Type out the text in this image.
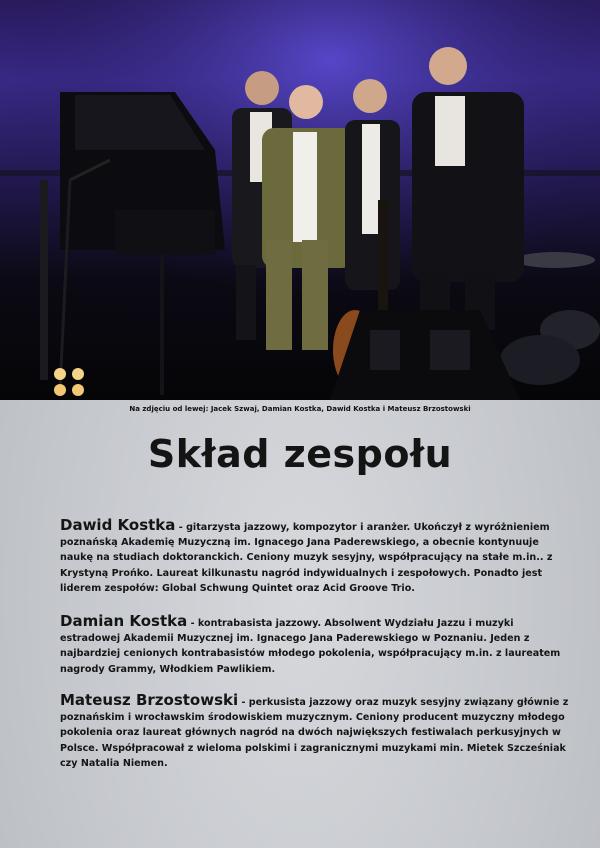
Na zdjęciu od lewej: Jacek Szwaj, Damian Kostka, Dawid Kostka i Mateusz Brzostowski
Skład zespołu
Dawid Kostka - gitarzysta jazzowy, kompozytor i aranżer. Ukończył z wyróżnieniem poznańską Akademię Muzyczną im. Ignacego Jana Paderewskiego, a obecnie kontynuuje naukę na studiach doktoranckich. Ceniony muzyk sesyjny, współpracujący na stałe m.in.. z Krystyną Prońko. Laureat kilkunastu nagród indywidualnych i zespołowych. Ponadto jest liderem zespołów: Global Schwung Quintet oraz Acid Groove Trio.
Damian Kostka - kontrabasista jazzowy. Absolwent Wydziału Jazzu i muzyki estradowej Akademii Muzycznej im. Ignacego Jana Paderewskiego w Poznaniu. Jeden z najbardziej cenionych kontrabasistów młodego pokolenia, współpracujący m.in. z laureatem nagrody Grammy, Włodkiem Pawlikiem.
Mateusz Brzostowski - perkusista jazzowy oraz muzyk sesyjny związany głównie z poznańskim i wrocławskim środowiskiem muzycznym. Ceniony producent muzyczny młodego pokolenia oraz laureat głównych nagród na dwóch największych festiwalach perkusyjnych w Polsce. Współpracował z wieloma polskimi i zagranicznymi muzykami min. Mietek Szcześniak czy Natalia Niemen.
